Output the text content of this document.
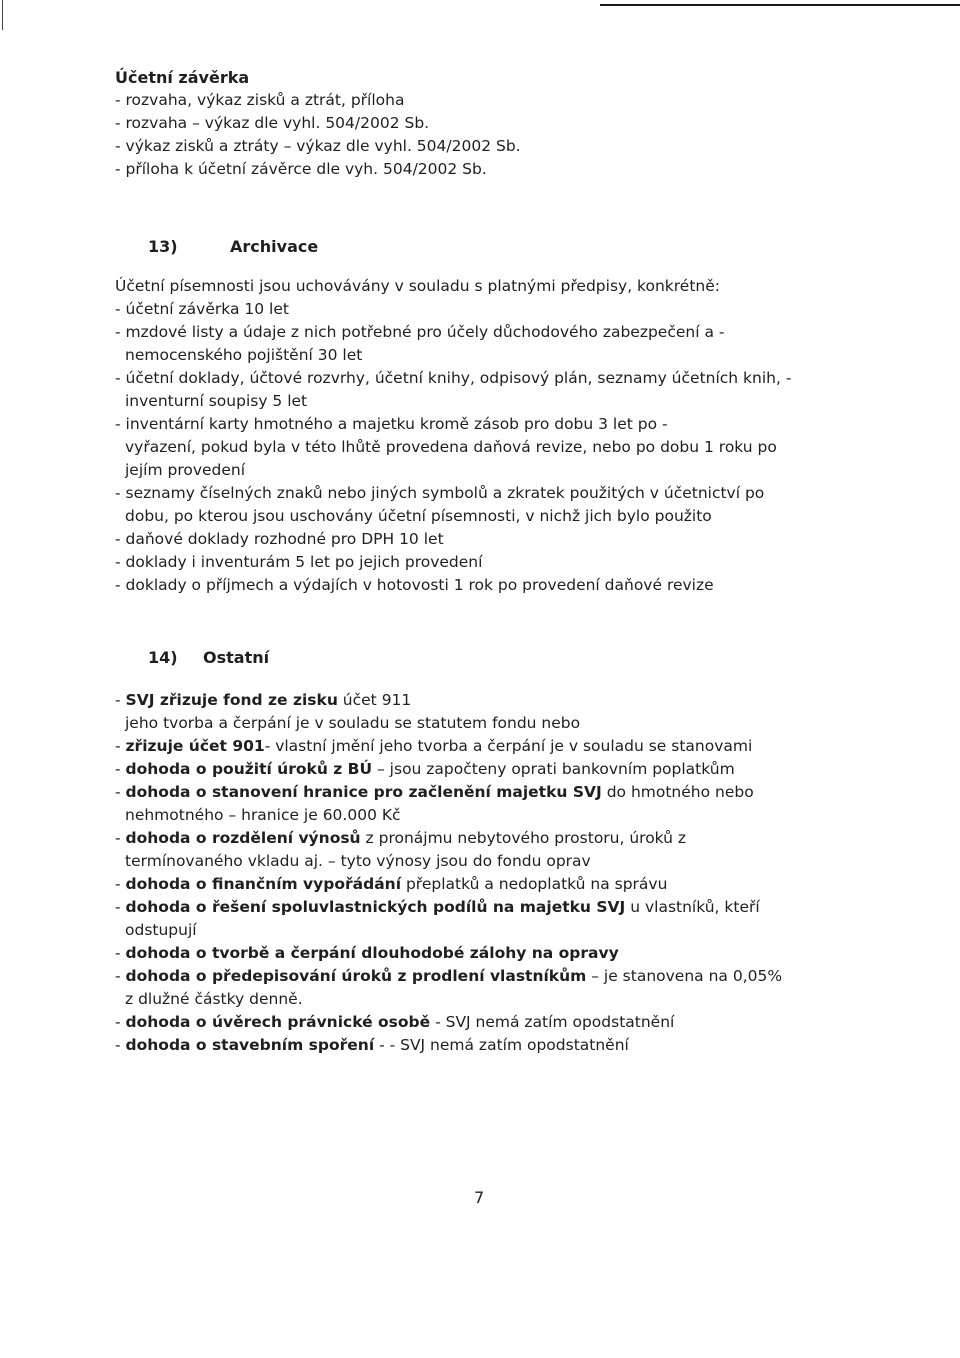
Účetní závěrka
- rozvaha, výkaz zisků a ztrát, příloha
- rozvaha – výkaz dle vyhl. 504/2002 Sb.
- výkaz zisků a ztráty – výkaz dle vyhl. 504/2002 Sb.
- příloha k účetní závěrce dle vyh. 504/2002 Sb.
13)	Archivace
Účetní písemnosti jsou uchovávány v souladu s platnými předpisy, konkrétně:
- účetní závěrka 10 let
- mzdové listy a údaje z nich potřebné pro účely důchodového zabezpečení a -
nemocenského pojištění 30 let
- účetní doklady, účtové rozvrhy, účetní knihy, odpisový plán, seznamy účetních knih, -
inventurní soupisy 5 let
- inventární karty hmotného a majetku kromě zásob pro dobu 3 let po -
vyřazení, pokud byla v této lhůtě provedena daňová revize, nebo po dobu 1 roku po
jejím provedení
- seznamy číselných znaků nebo jiných symbolů a zkratek použitých v účetnictví po
dobu, po kterou jsou uschovány účetní písemnosti, v nichž jich bylo použito
- daňové doklady rozhodné pro DPH 10 let
- doklady i inventurám 5 let po jejich provedení
- doklady o příjmech a výdajích v hotovosti 1 rok po provedení daňové revize
14) Ostatní
- SVJ zřizuje fond ze zisku účet 911
jeho tvorba a čerpání je v souladu se statutem fondu nebo
- zřizuje účet 901- vlastní jmění jeho tvorba a čerpání je v souladu se stanovami
- dohoda o použití úroků z BÚ – jsou započteny oprati bankovním poplatkům
- dohoda o stanovení hranice pro začlenění majetku SVJ do hmotného nebo
nehmotného – hranice je 60.000 Kč
- dohoda o rozdělení výnosů z pronájmu nebytového prostoru, úroků z
termínovaného vkladu aj. – tyto výnosy jsou do fondu oprav
- dohoda o finančním vypořádání přeplatků a nedoplatků na správu
- dohoda o řešení spoluvlastnických podílů na majetku SVJ u vlastníků, kteří
odstupují
- dohoda o tvorbě a čerpání dlouhodobé zálohy na opravy
- dohoda o předepisování úroků z prodlení vlastníkům – je stanovena na 0,05%
z dlužné částky denně.
- dohoda o úvěrech právnické osobě - SVJ nemá zatím opodstatnění
- dohoda o stavebním spoření - - SVJ nemá zatím opodstatnění
7
